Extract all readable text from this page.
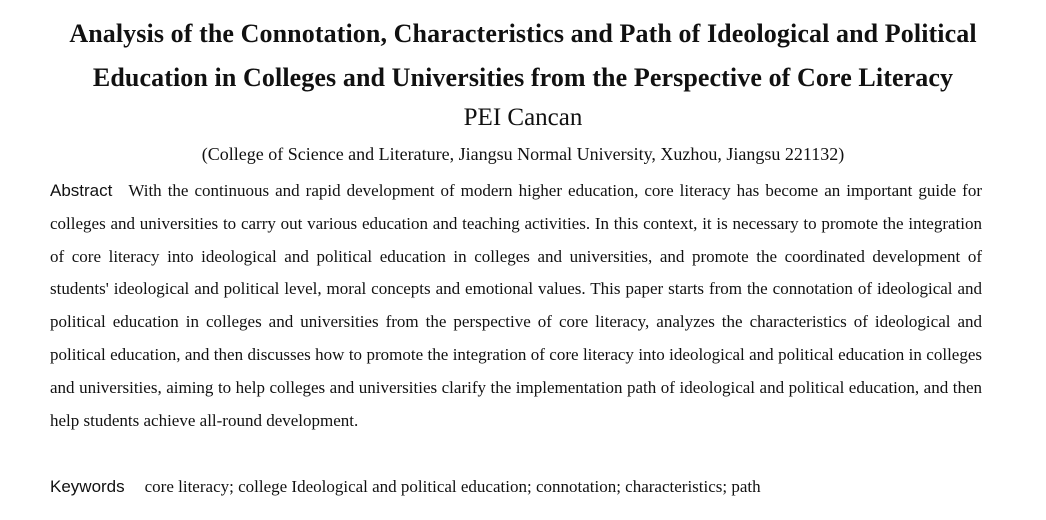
Analysis of the Connotation, Characteristics and Path of Ideological and Political Education in Colleges and Universities from the Perspective of Core Literacy

PEI Cancan

(College of Science and Literature, Jiangsu Normal University, Xuzhou, Jiangsu 221132)

Abstract With the continuous and rapid development of modern higher education, core literacy has become an important guide for colleges and universities to carry out various education and teaching activities. In this context, it is necessary to promote the integration of core literacy into ideological and political education in colleges and universities, and promote the coordinated development of students' ideological and political level, moral concepts and emotional values. This paper starts from the connotation of ideological and political education in colleges and universities from the perspective of core literacy, analyzes the characteristics of ideological and political education, and then discusses how to promote the integration of core literacy into ideological and political education in colleges and universities, aiming to help colleges and universities clarify the implementation path of ideological and political education, and then help students achieve all-round development.
Keywords core literacy; college Ideological and political education; connotation; characteristics; path
